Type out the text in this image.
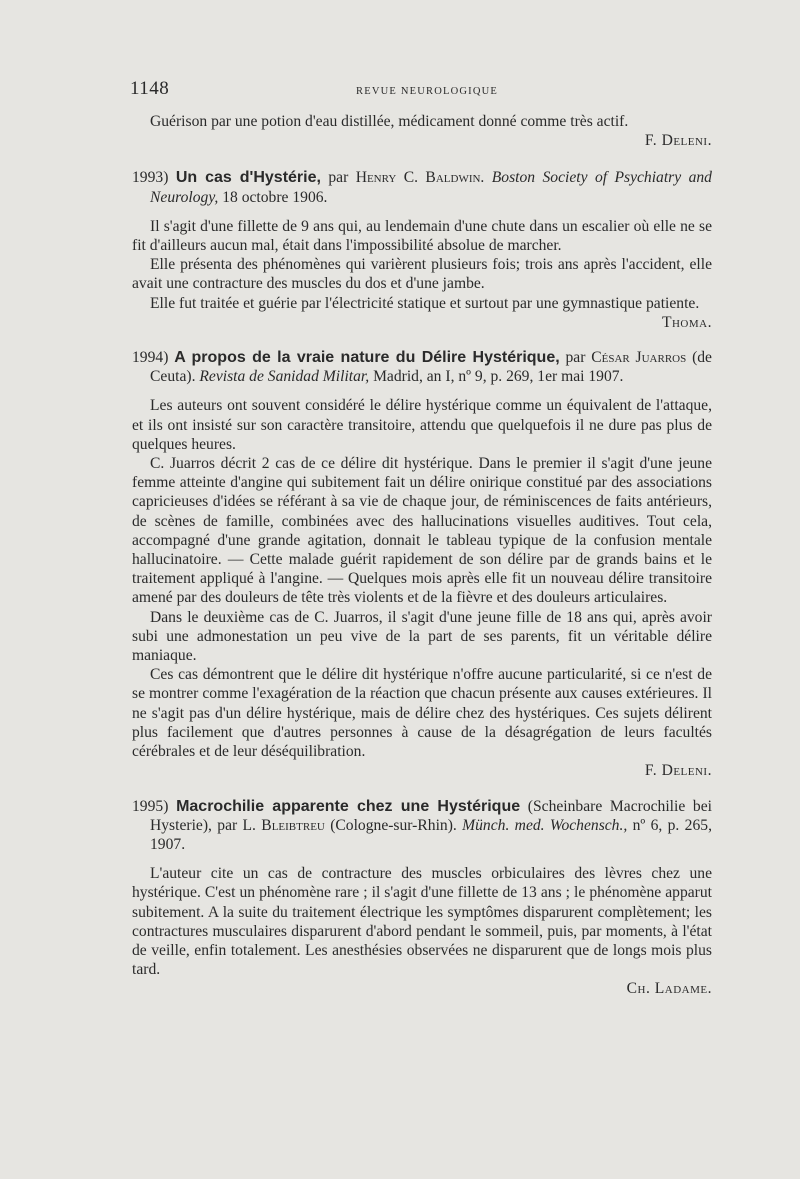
1148	REVUE NEUROLOGIQUE

Guérison par une potion d'eau distillée, médicament donné comme très actif.

F. Deleni.

1993) Un cas d'Hystérie, par Henry C. Baldwin. Boston Society of Psychiatry and Neurology, 18 octobre 1906.

Il s'agit d'une fillette de 9 ans qui, au lendemain d'une chute dans un escalier où elle ne se fit d'ailleurs aucun mal, était dans l'impossibilité absolue de marcher.

Elle présenta des phénomènes qui varièrent plusieurs fois; trois ans après l'accident, elle avait une contracture des muscles du dos et d'une jambe.

Elle fut traitée et guérie par l'électricité statique et surtout par une gymnastique patiente.

Thoma.

1994) A propos de la vraie nature du Délire Hystérique, par César Juarros (de Ceuta). Revista de Sanidad Militar, Madrid, an I, nº 9, p. 269, 1er mai 1907.

Les auteurs ont souvent considéré le délire hystérique comme un équivalent de l'attaque, et ils ont insisté sur son caractère transitoire, attendu que quelquefois il ne dure pas plus de quelques heures.

C. Juarros décrit 2 cas de ce délire dit hystérique. Dans le premier il s'agit d'une jeune femme atteinte d'angine qui subitement fait un délire onirique constitué par des associations capricieuses d'idées se référant à sa vie de chaque jour, de réminiscences de faits antérieurs, de scènes de famille, combinées avec des hallucinations visuelles auditives. Tout cela, accompagné d'une grande agitation, donnait le tableau typique de la confusion mentale hallucinatoire. — Cette malade guérit rapidement de son délire par de grands bains et le traitement appliqué à l'angine. — Quelques mois après elle fit un nouveau délire transitoire amené par des douleurs de tête très violents et de la fièvre et des douleurs articulaires.

Dans le deuxième cas de C. Juarros, il s'agit d'une jeune fille de 18 ans qui, après avoir subi une admonestation un peu vive de la part de ses parents, fit un véritable délire maniaque.

Ces cas démontrent que le délire dit hystérique n'offre aucune particularité, si ce n'est de se montrer comme l'exagération de la réaction que chacun présente aux causes extérieures. Il ne s'agit pas d'un délire hystérique, mais de délire chez des hystériques. Ces sujets délirent plus facilement que d'autres personnes à cause de la désagrégation de leurs facultés cérébrales et de leur déséquilibration.

F. Deleni.

1995) Macrochilie apparente chez une Hystérique (Scheinbare Macrochilie bei Hysterie), par L. Bleibtreu (Cologne-sur-Rhin). Münch. med. Wochensch., nº 6, p. 265, 1907.

L'auteur cite un cas de contracture des muscles orbiculaires des lèvres chez une hystérique. C'est un phénomène rare ; il s'agit d'une fillette de 13 ans ; le phénomène apparut subitement. A la suite du traitement électrique les symptômes disparurent complètement; les contractures musculaires disparurent d'abord pendant le sommeil, puis, par moments, à l'état de veille, enfin totalement. Les anesthésies observées ne disparurent que de longs mois plus tard.

Ch. Ladame.
